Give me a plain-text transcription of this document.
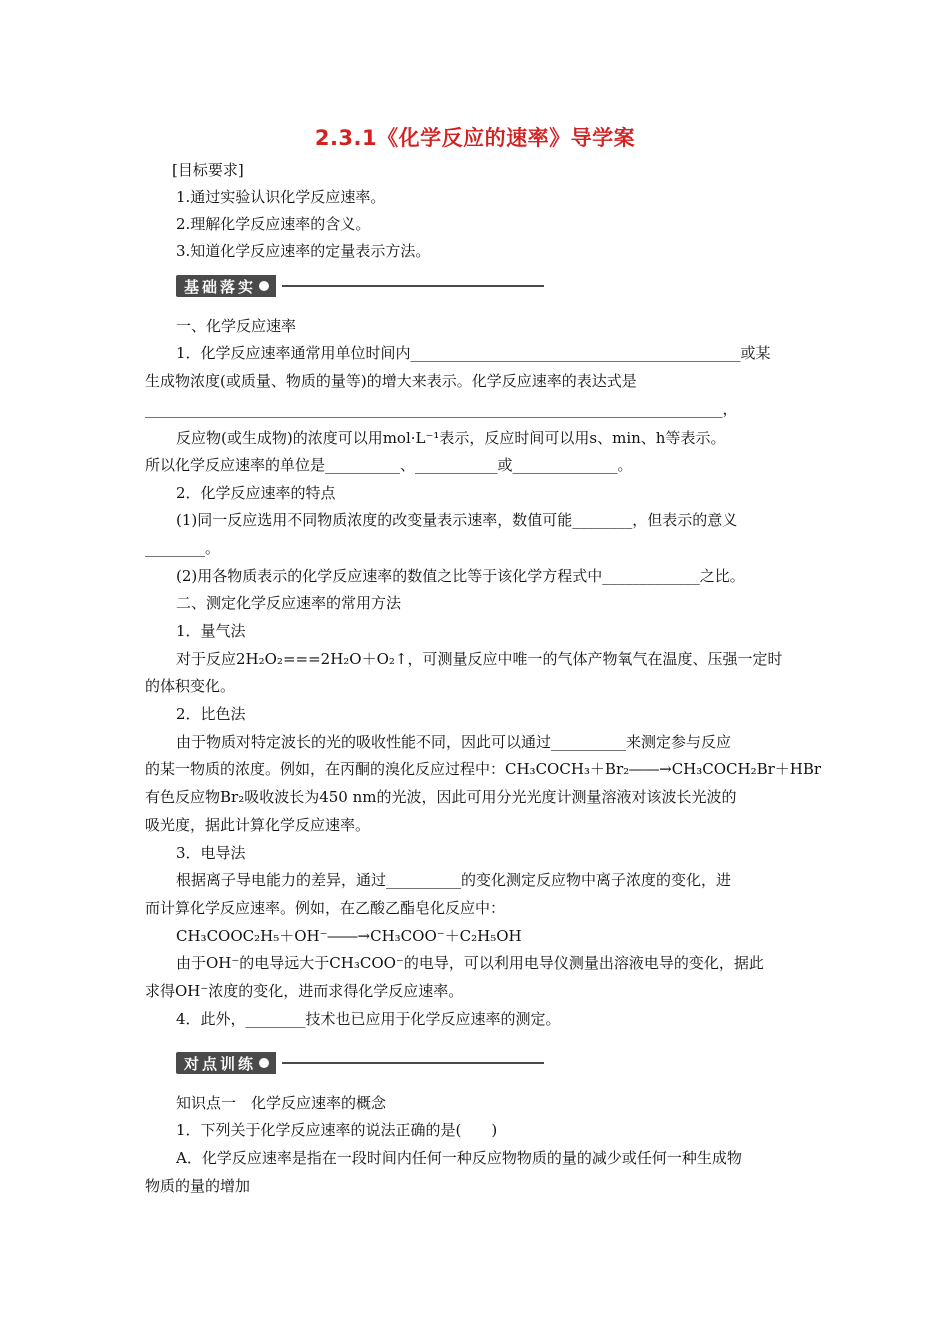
2.3.1《化学反应的速率》导学案
[目标要求]
1.通过实验认识化学反应速率。
2.理解化学反应速率的含义。
3.知道化学反应速率的定量表示方法。
基础落实
一、化学反应速率
1．化学反应速率通常用单位时间内____________________________________________或某
生成物浓度(或质量、物质的量等)的增大来表示。化学反应速率的表达式是
_____________________________________________________________________________，
反应物(或生成物)的浓度可以用mol·L⁻¹表示，反应时间可以用s、min、h等表示。
所以化学反应速率的单位是__________、___________或______________。
2．化学反应速率的特点
(1)同一反应选用不同物质浓度的改变量表示速率，数值可能________，但表示的意义
________。
(2)用各物质表示的化学反应速率的数值之比等于该化学方程式中_____________之比。
二、测定化学反应速率的常用方法
1．量气法
对于反应2H₂O₂===2H₂O＋O₂↑，可测量反应中唯一的气体产物氧气在温度、压强一定时
的体积变化。
2．比色法
由于物质对特定波长的光的吸收性能不同，因此可以通过__________来测定参与反应
的某一物质的浓度。例如，在丙酮的溴化反应过程中：CH₃COCH₃＋Br₂――→CH₃COCH₂Br＋HBr
有色反应物Br₂吸收波长为450 nm的光波，因此可用分光光度计测量溶液对该波长光波的
吸光度，据此计算化学反应速率。
3．电导法
根据离子导电能力的差异，通过__________的变化测定反应物中离子浓度的变化，进
而计算化学反应速率。例如，在乙酸乙酯皂化反应中：
CH₃COOC₂H₅＋OH⁻――→CH₃COO⁻＋C₂H₅OH
由于OH⁻的电导远大于CH₃COO⁻的电导，可以利用电导仪测量出溶液电导的变化，据此
求得OH⁻浓度的变化，进而求得化学反应速率。
4．此外，________技术也已应用于化学反应速率的测定。
对点训练
知识点一　化学反应速率的概念
1．下列关于化学反应速率的说法正确的是(　　)
A．化学反应速率是指在一段时间内任何一种反应物物质的量的减少或任何一种生成物
物质的量的增加
